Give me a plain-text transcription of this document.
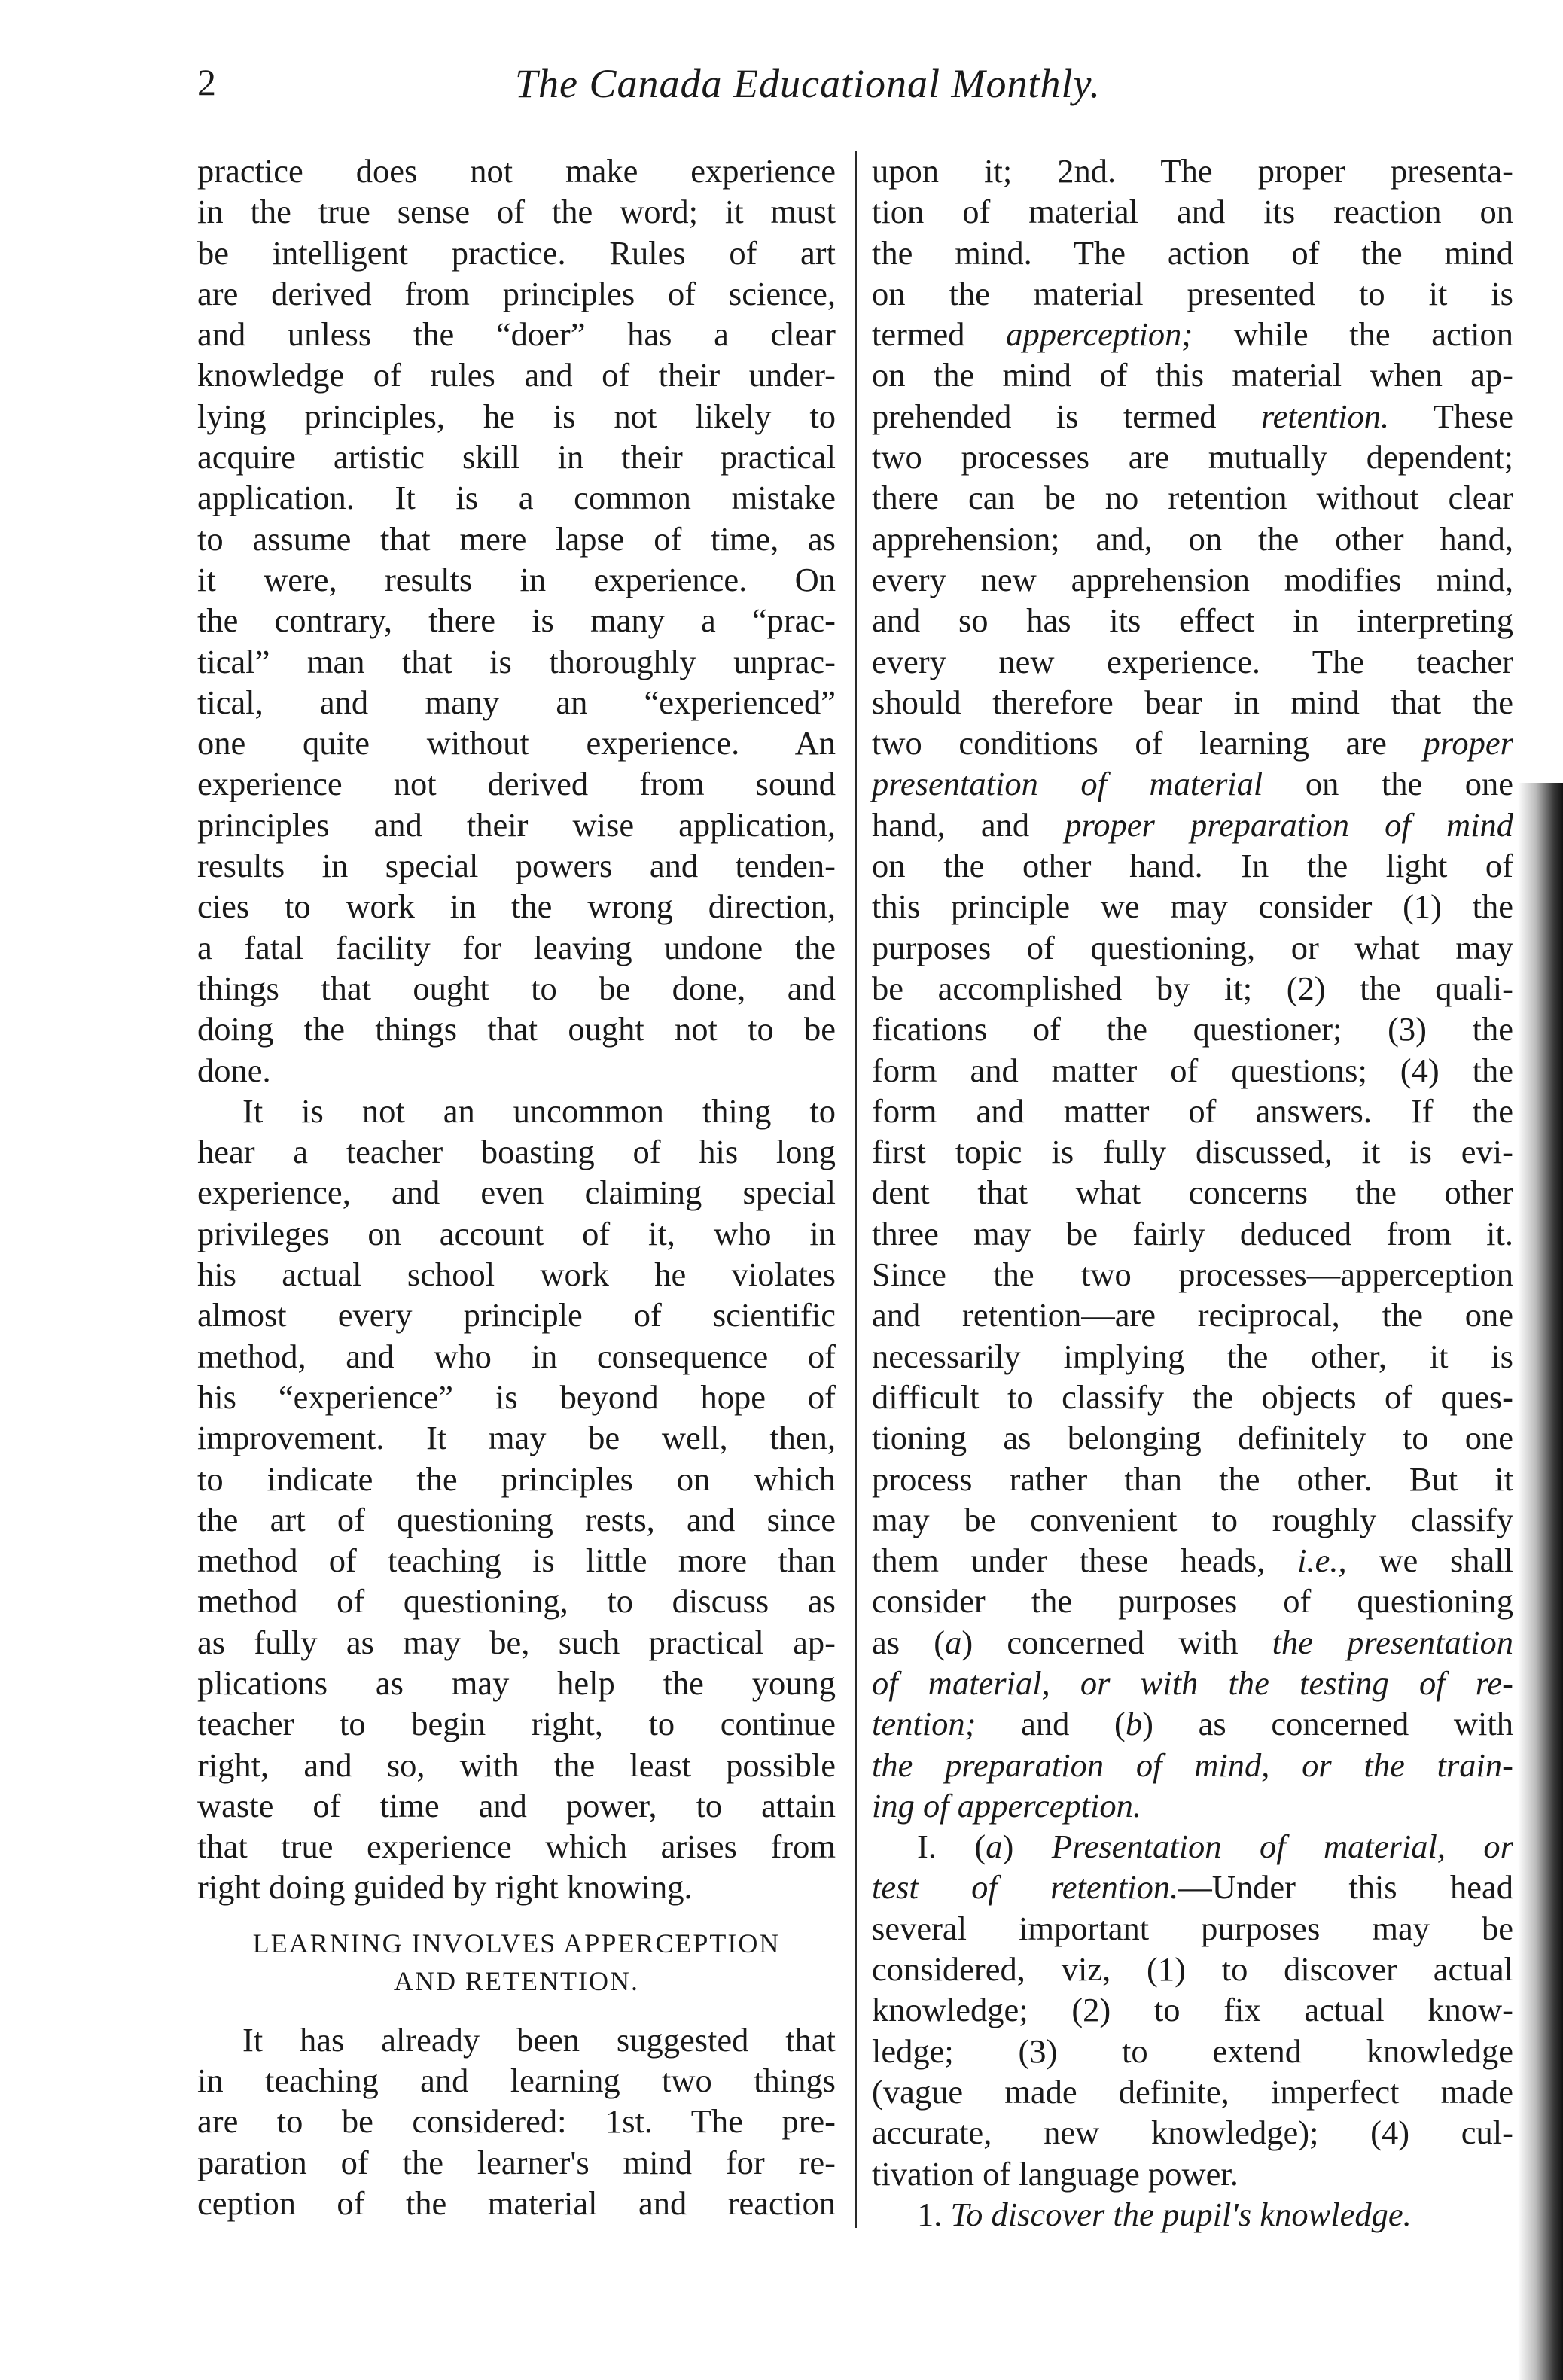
2	The Canada Educational Monthly.
practice does not make experience
in the true sense of the word; it must
be intelligent practice. Rules of art
are derived from principles of science,
and unless the “doer” has a clear
knowledge of rules and of their under-
lying principles, he is not likely to
acquire artistic skill in their practical
application. It is a common mistake
to assume that mere lapse of time, as
it were, results in experience. On
the contrary, there is many a “prac-
tical” man that is thoroughly unprac-
tical, and many an “experienced”
one quite without experience. An
experience not derived from sound
principles and their wise application,
results in special powers and tenden-
cies to work in the wrong direction,
a fatal facility for leaving undone the
things that ought to be done, and
doing the things that ought not to be
done.
It is not an uncommon thing to
hear a teacher boasting of his long
experience, and even claiming special
privileges on account of it, who in
his actual school work he violates
almost every principle of scientific
method, and who in consequence of
his “experience” is beyond hope of
improvement. It may be well, then,
to indicate the principles on which
the art of questioning rests, and since
method of teaching is little more than
method of questioning, to discuss as
as fully as may be, such practical ap-
plications as may help the young
teacher to begin right, to continue
right, and so, with the least possible
waste of time and power, to attain
that true experience which arises from
right doing guided by right knowing.
LEARNING INVOLVES APPERCEPTION
AND RETENTION.
It has already been suggested that
in teaching and learning two things
are to be considered: 1st. The pre-
paration of the learner's mind for re-
ception of the material and reaction
upon it; 2nd. The proper presenta-
tion of material and its reaction on
the mind. The action of the mind
on the material presented to it is
termed apperception; while the action
on the mind of this material when ap-
prehended is termed retention. These
two processes are mutually dependent;
there can be no retention without clear
apprehension; and, on the other hand,
every new apprehension modifies mind,
and so has its effect in interpreting
every new experience. The teacher
should therefore bear in mind that the
two conditions of learning are proper
presentation of material on the one
hand, and proper preparation of mind
on the other hand. In the light of
this principle we may consider (1) the
purposes of questioning, or what may
be accomplished by it; (2) the quali-
fications of the questioner; (3) the
form and matter of questions; (4) the
form and matter of answers. If the
first topic is fully discussed, it is evi-
dent that what concerns the other
three may be fairly deduced from it.
Since the two processes—apperception
and retention—are reciprocal, the one
necessarily implying the other, it is
difficult to classify the objects of ques-
tioning as belonging definitely to one
process rather than the other. But it
may be convenient to roughly classify
them under these heads, i.e., we shall
consider the purposes of questioning
as (a) concerned with the presentation
of material, or with the testing of re-
tention; and (b) as concerned with
the preparation of mind, or the train-
ing of apperception.
I. (a) Presentation of material, or
test of retention.—Under this head
several important purposes may be
considered, viz, (1) to discover actual
knowledge; (2) to fix actual know-
ledge; (3) to extend knowledge
(vague made definite, imperfect made
accurate, new knowledge); (4) cul-
tivation of language power.
1. To discover the pupil's knowledge.
